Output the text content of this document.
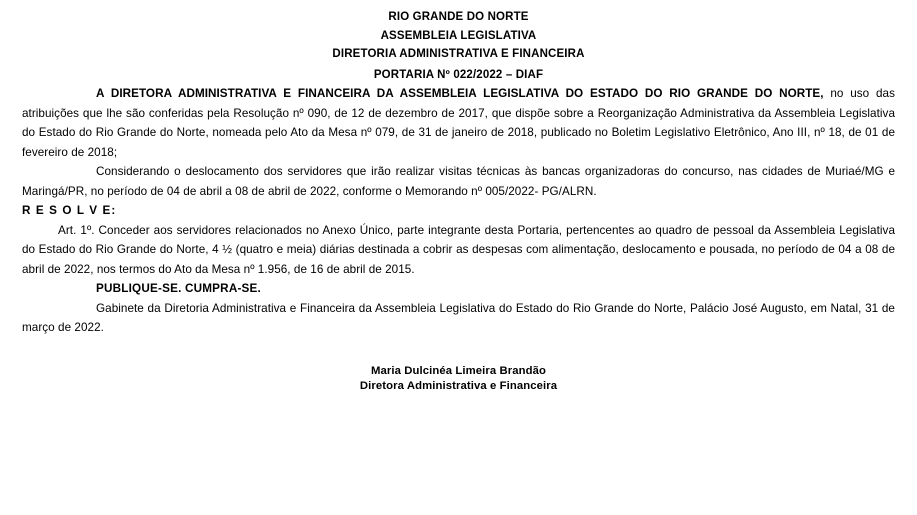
RIO GRANDE DO NORTE
ASSEMBLEIA LEGISLATIVA
DIRETORIA ADMINISTRATIVA E FINANCEIRA
PORTARIA Nº 022/2022 – DIAF

A DIRETORA ADMINISTRATIVA E FINANCEIRA DA ASSEMBLEIA LEGISLATIVA DO ESTADO DO RIO GRANDE DO NORTE, no uso das atribuições que lhe são conferidas pela Resolução nº 090, de 12 de dezembro de 2017, que dispõe sobre a Reorganização Administrativa da Assembleia Legislativa do Estado do Rio Grande do Norte, nomeada pelo Ato da Mesa nº 079, de 31 de janeiro de 2018, publicado no Boletim Legislativo Eletrônico, Ano III, nº 18, de 01 de fevereiro de 2018;

Considerando o deslocamento dos servidores que irão realizar visitas técnicas às bancas organizadoras do concurso, nas cidades de Muriaé/MG e Maringá/PR, no período de 04 de abril a 08 de abril de 2022, conforme o Memorando nº 005/2022- PG/ALRN.

R E S O L V E:

Art. 1º. Conceder aos servidores relacionados no Anexo Único, parte integrante desta Portaria, pertencentes ao quadro de pessoal da Assembleia Legislativa do Estado do Rio Grande do Norte, 4 ½ (quatro e meia) diárias destinada a cobrir as despesas com alimentação, deslocamento e pousada, no período de 04 a 08 de abril de 2022, nos termos do Ato da Mesa nº 1.956, de 16 de abril de 2015.

PUBLIQUE-SE. CUMPRA-SE.

Gabinete da Diretoria Administrativa e Financeira da Assembleia Legislativa do Estado do Rio Grande do Norte, Palácio José Augusto, em Natal, 31 de março de 2022.

Maria Dulcinéa Limeira Brandão
Diretora Administrativa e Financeira
